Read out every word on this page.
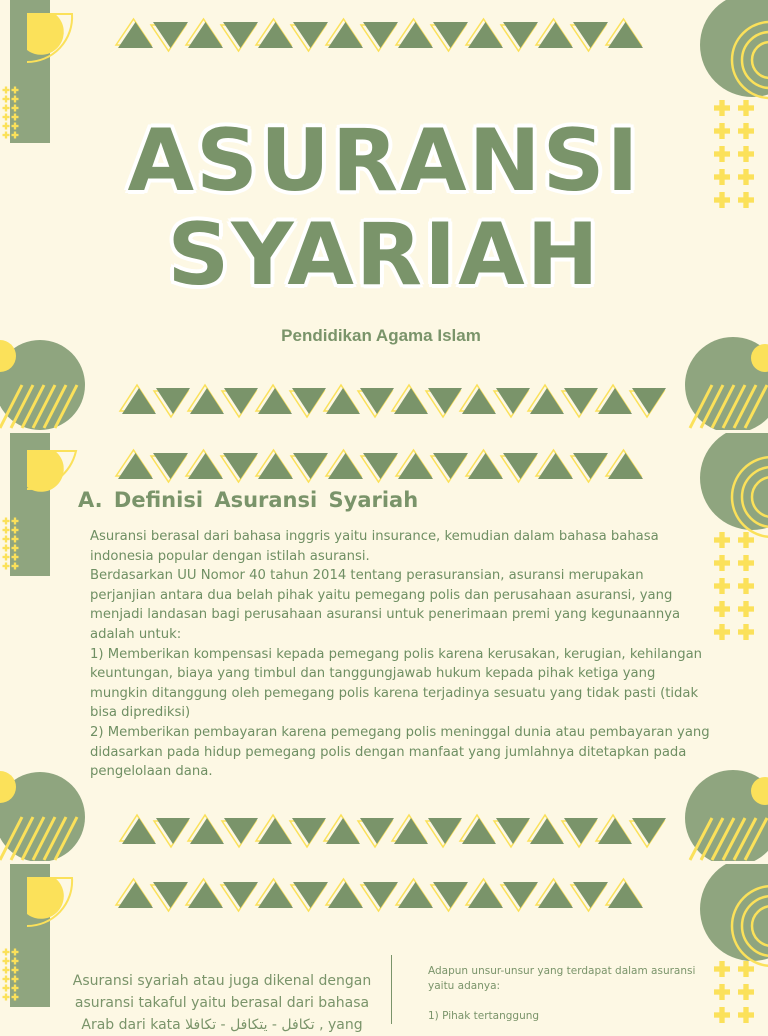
ASURANSI
SYARIAH
Pendidikan Agama Islam
A. Definisi Asuransi Syariah
Asuransi berasal dari bahasa inggris yaitu insurance, kemudian dalam bahasa bahasa
indonesia popular dengan istilah asuransi.
Berdasarkan UU Nomor 40 tahun 2014 tentang perasuransian, asuransi merupakan
perjanjian antara dua belah pihak yaitu pemegang polis dan perusahaan asuransi, yang
menjadi landasan bagi perusahaan asuransi untuk penerimaan premi yang kegunaannya
adalah untuk:
1) Memberikan kompensasi kepada pemegang polis karena kerusakan, kerugian, kehilangan
keuntungan, biaya yang timbul dan tanggungjawab hukum kepada pihak ketiga yang
mungkin ditanggung oleh pemegang polis karena terjadinya sesuatu yang tidak pasti (tidak
bisa diprediksi)
2) Memberikan pembayaran karena pemegang polis meninggal dunia atau pembayaran yang
didasarkan pada hidup pemegang polis dengan manfaat yang jumlahnya ditetapkan pada
pengelolaan dana.
Asuransi syariah atau juga dikenal dengan
asuransi takaful yaitu berasal dari bahasa
Arab dari kata تكافل - يتكافل - تكافلا , yang
Adapun unsur-unsur yang terdapat dalam asuransi
yaitu adanya:
1) Pihak tertanggung
